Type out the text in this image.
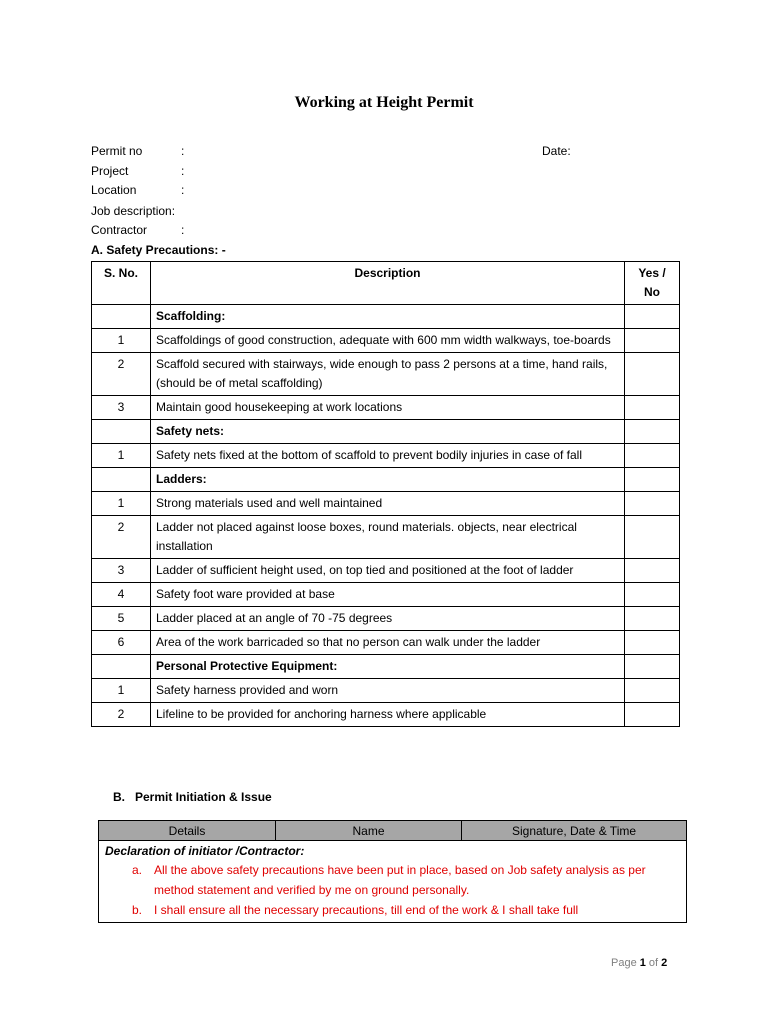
Working at Height Permit
Permit no	:
Project	:
Location	:
Job description:
Contractor	:
Date:
A. Safety Precautions: -
S. No.	Description	Yes / No
	Scaffolding:	
1	Scaffoldings of good construction, adequate with 600 mm width walkways, toe-boards	
2	Scaffold secured with stairways, wide enough to pass 2 persons at a time, hand rails,(should be of metal scaffolding)	
3	Maintain good housekeeping at work locations	
	Safety nets:	
1	Safety nets fixed at the bottom of scaffold to prevent bodily injuries in case of fall	
	Ladders:	
1	Strong materials used and well maintained	
2	Ladder not placed against loose boxes, round materials. objects, near electrical installation	
3	Ladder of sufficient height used, on top tied and positioned at the foot of ladder	
4	Safety foot ware provided at base	
5	Ladder placed at an angle of 70 -75 degrees	
6	Area of the work barricaded so that no person can walk under the ladder	
	Personal Protective Equipment:	
1	Safety harness provided and worn	
2	Lifeline to be provided for anchoring harness where applicable	
B. Permit Initiation & Issue
Details	Name	Signature, Date & Time

Declaration of initiator /Contractor:
a. All the above safety precautions have been put in place, based on Job safety analysis as per method statement and verified by me on ground personally.
b. I shall ensure all the necessary precautions, till end of the work & I shall take full
Page 1 of 2
